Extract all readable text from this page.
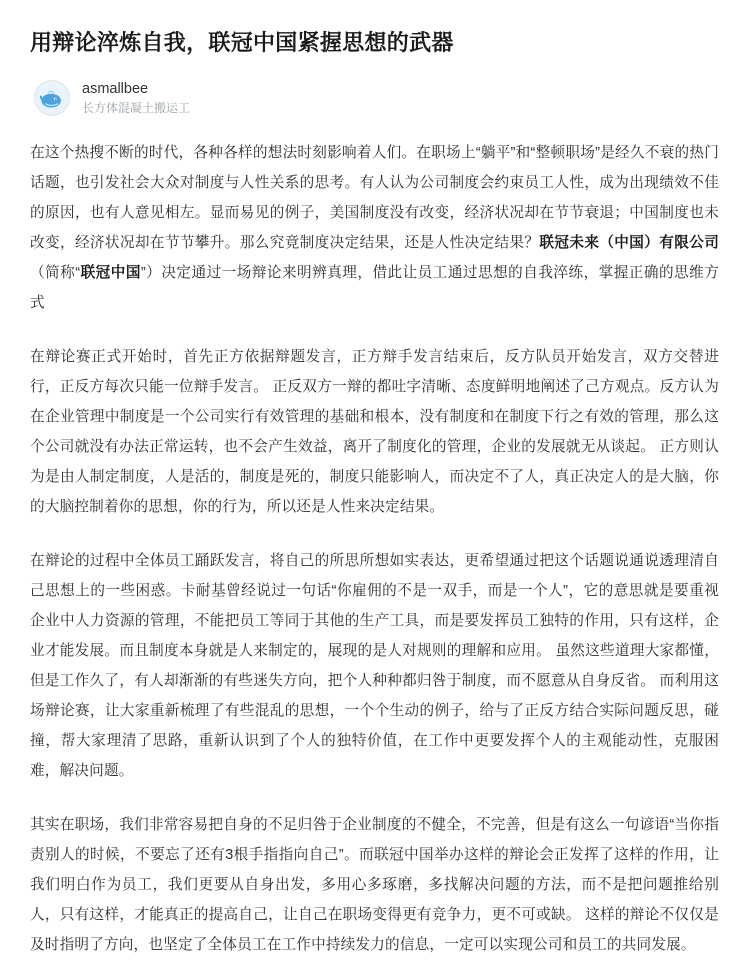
用辩论淬炼自我，联冠中国紧握思想的武器
asmallbee
长方体混凝土搬运工

在这个热搜不断的时代，各种各样的想法时刻影响着人们。在职场上“躺平”和“整顿职场”是经久不衰的热门话题，也引发社会大众对制度与人性关系的思考。有人认为公司制度会约束员工人性，成为出现绩效不佳的原因，也有人意见相左。显而易见的例子，美国制度没有改变，经济状况却在节节衰退；中国制度也未改变，经济状况却在节节攀升。那么究竟制度决定结果，还是人性决定结果？联冠未来（中国）有限公司（简称“联冠中国”）决定通过一场辩论来明辨真理，借此让员工通过思想的自我淬练，掌握正确的思维方式

在辩论赛正式开始时，首先正方依据辩题发言，正方辩手发言结束后，反方队员开始发言，双方交替进行，正反方每次只能一位辩手发言。 正反双方一辩的都吐字清晰、态度鲜明地阐述了己方观点。反方认为在企业管理中制度是一个公司实行有效管理的基础和根本，没有制度和在制度下行之有效的管理，那么这个公司就没有办法正常运转，也不会产生效益，离开了制度化的管理，企业的发展就无从谈起。 正方则认为是由人制定制度，人是活的，制度是死的，制度只能影响人，而决定不了人，真正决定人的是大脑，你的大脑控制着你的思想，你的行为，所以还是人性来决定结果。

在辩论的过程中全体员工踊跃发言，将自己的所思所想如实表达，更希望通过把这个话题说通说透理清自己思想上的一些困惑。卡耐基曾经说过一句话“你雇佣的不是一双手，而是一个人”，它的意思就是要重视企业中人力资源的管理，不能把员工等同于其他的生产工具，而是要发挥员工独特的作用，只有这样，企业才能发展。而且制度本身就是人来制定的，展现的是人对规则的理解和应用。 虽然这些道理大家都懂， 但是工作久了，有人却渐渐的有些迷失方向，把个人种种都归咎于制度，而不愿意从自身反省。 而利用这场辩论赛，让大家重新梳理了有些混乱的思想，一个个生动的例子，给与了正反方结合实际问题反思，碰撞，帮大家理清了思路，重新认识到了个人的独特价值，在工作中更要发挥个人的主观能动性，克服困难，解决问题。

其实在职场，我们非常容易把自身的不足归咎于企业制度的不健全，不完善，但是有这么一句谚语“当你指责别人的时候，不要忘了还有3根手指指向自己”。而联冠中国举办这样的辩论会正发挥了这样的作用，让我们明白作为员工，我们更要从自身出发，多用心多琢磨，多找解决问题的方法，而不是把问题推给别人，只有这样，才能真正的提高自己，让自己在职场变得更有竞争力，更不可或缺。 这样的辩论不仅仅是及时指明了方向，也坚定了全体员工在工作中持续发力的信息，一定可以实现公司和员工的共同发展。
